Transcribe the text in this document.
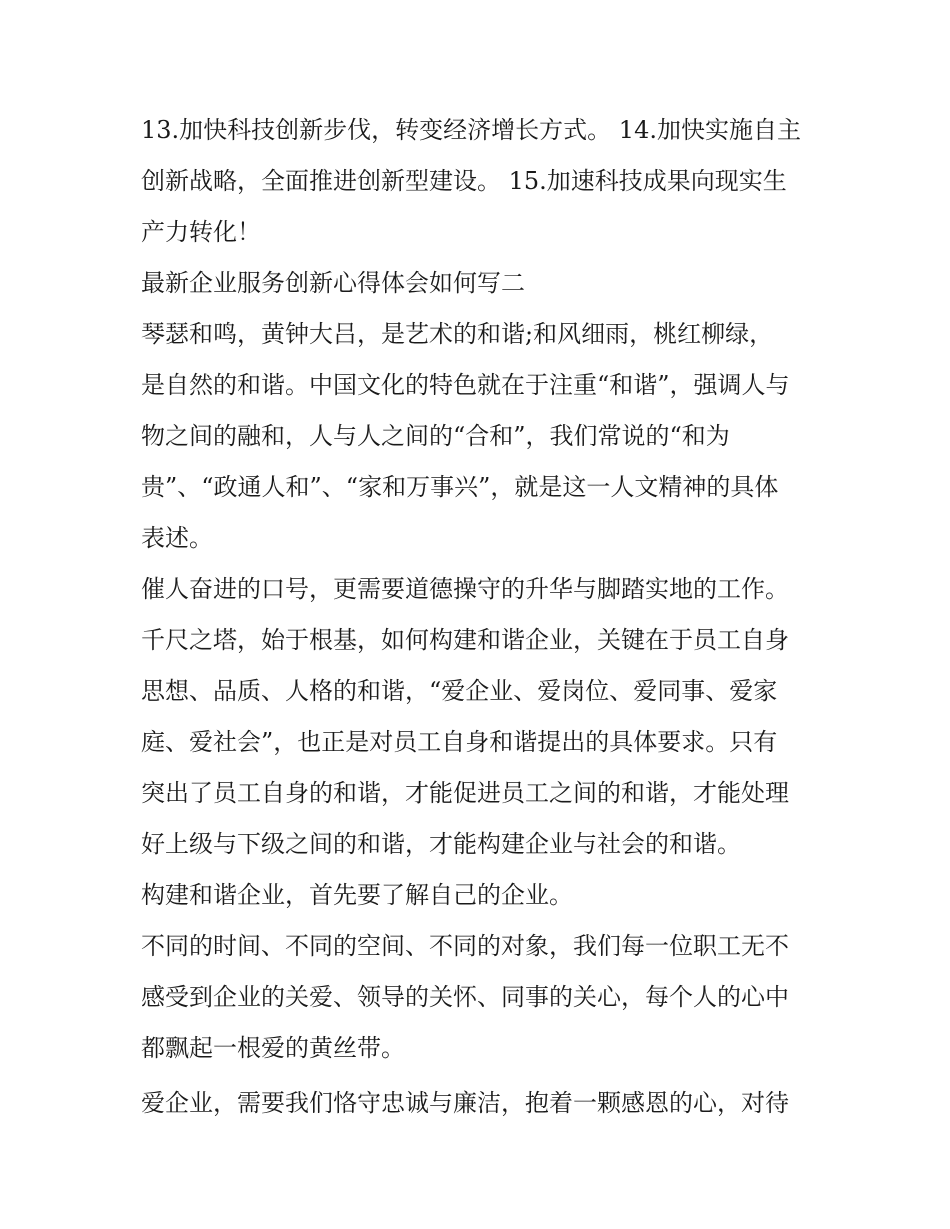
13.加快科技创新步伐，转变经济增长方式。 14.加快实施自主
创新战略，全面推进创新型建设。 15.加速科技成果向现实生
产力转化！
最新企业服务创新心得体会如何写二
琴瑟和鸣，黄钟大吕，是艺术的和谐;和风细雨，桃红柳绿，
是自然的和谐。中国文化的特色就在于注重“和谐”，强调人与
物之间的融和，人与人之间的“合和”，我们常说的“和为
贵”、“政通人和”、“家和万事兴”，就是这一人文精神的具体
表述。
催人奋进的口号，更需要道德操守的升华与脚踏实地的工作。
千尺之塔，始于根基，如何构建和谐企业，关键在于员工自身
思想、品质、人格的和谐，“爱企业、爱岗位、爱同事、爱家
庭、爱社会”，也正是对员工自身和谐提出的具体要求。只有
突出了员工自身的和谐，才能促进员工之间的和谐，才能处理
好上级与下级之间的和谐，才能构建企业与社会的和谐。
构建和谐企业，首先要了解自己的企业。
不同的时间、不同的空间、不同的对象，我们每一位职工无不
感受到企业的关爱、领导的关怀、同事的关心，每个人的心中
都飘起一根爱的黄丝带。
爱企业，需要我们恪守忠诚与廉洁，抱着一颗感恩的心，对待
